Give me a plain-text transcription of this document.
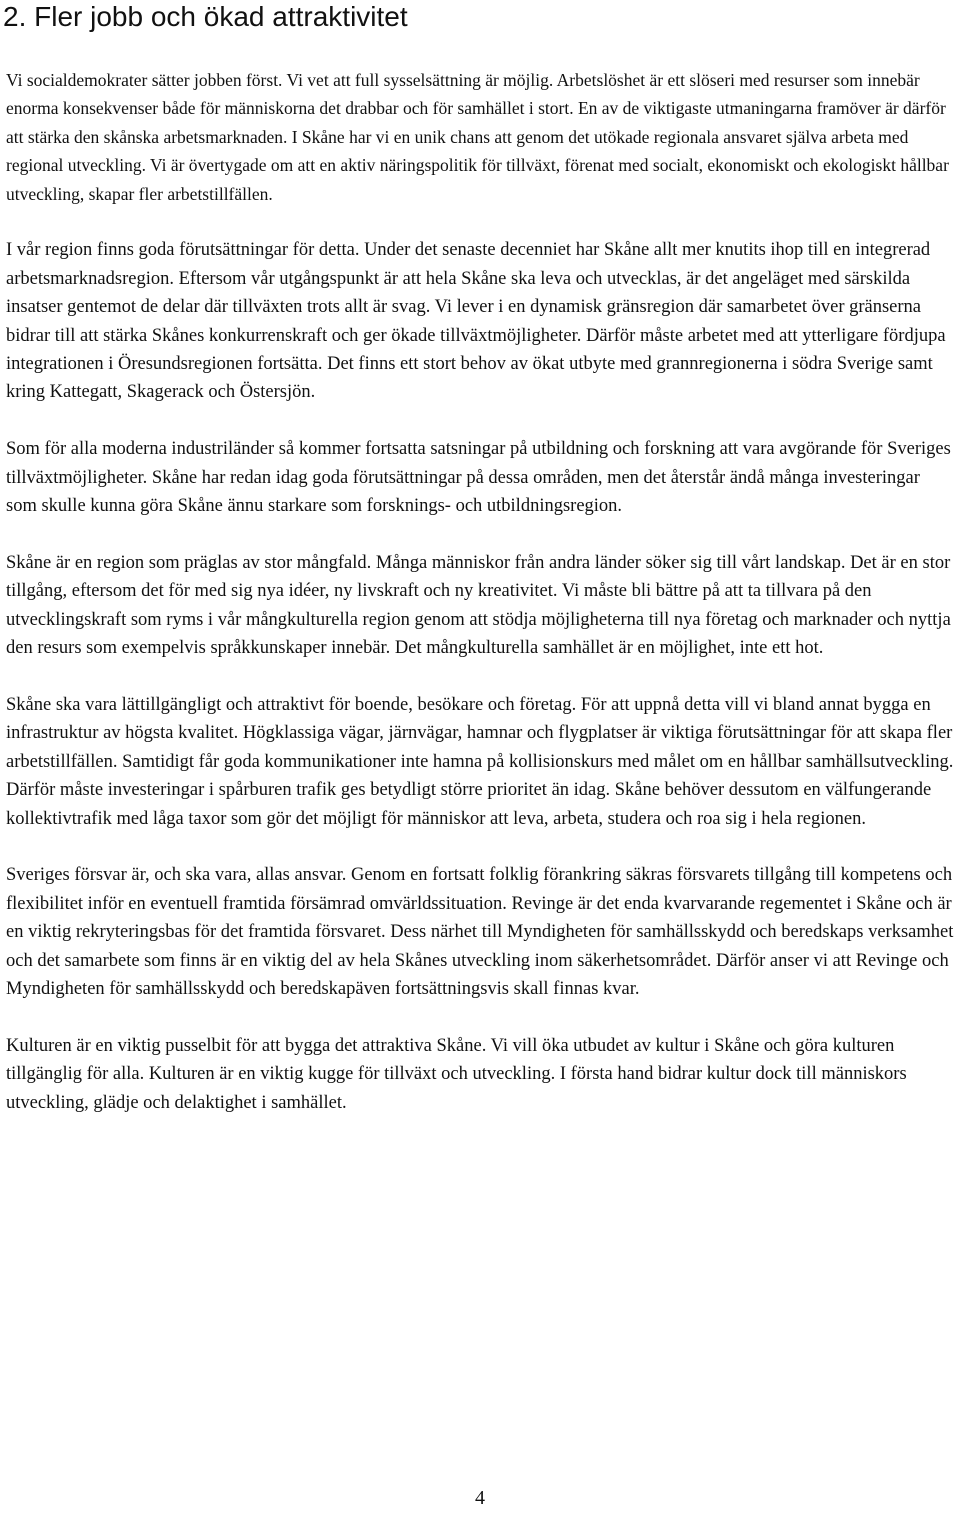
2. Fler jobb och ökad attraktivitet

Vi socialdemokrater sätter jobben först. Vi vet att full sysselsättning är möjlig. Arbetslöshet är ett slöseri med resurser som innebär enorma konsekvenser både för människorna det drabbar och för samhället i stort. En av de viktigaste utmaningarna framöver är därför att stärka den skånska arbetsmarknaden. I Skåne har vi en unik chans att genom det utökade regionala ansvaret själva arbeta med regional utveckling. Vi är övertygade om att en aktiv näringspolitik för tillväxt, förenat med socialt, ekonomiskt och ekologiskt hållbar utveckling, skapar fler arbetstillfällen.

I vår region finns goda förutsättningar för detta. Under det senaste decenniet har Skåne allt mer knutits ihop till en integrerad arbetsmarknadsregion. Eftersom vår utgångspunkt är att hela Skåne ska leva och utvecklas, är det angeläget med särskilda insatser gentemot de delar där tillväxten trots allt är svag. Vi lever i en dynamisk gränsregion där samarbetet över gränserna bidrar till att stärka Skånes konkurrenskraft och ger ökade tillväxtmöjligheter. Därför måste arbetet med att ytterligare fördjupa integrationen i Öresundsregionen fortsätta. Det finns ett stort behov av ökat utbyte med grannregionerna i södra Sverige samt kring Kattegatt, Skagerack och Östersjön.

Som för alla moderna industriländer så kommer fortsatta satsningar på utbildning och forskning att vara avgörande för Sveriges tillväxtmöjligheter. Skåne har redan idag goda förutsättningar på dessa områden, men det återstår ändå många investeringar som skulle kunna göra Skåne ännu starkare som forsknings- och utbildningsregion.

Skåne är en region som präglas av stor mångfald. Många människor från andra länder söker sig till vårt landskap. Det är en stor tillgång, eftersom det för med sig nya idéer, ny livskraft och ny kreativitet. Vi måste bli bättre på att ta tillvara på den utvecklingskraft som ryms i vår mångkulturella region genom att stödja möjligheterna till nya företag och marknader och nyttja den resurs som exempelvis språkkunskaper innebär. Det mångkulturella samhället är en möjlighet, inte ett hot.

Skåne ska vara lättillgängligt och attraktivt för boende, besökare och företag. För att uppnå detta vill vi bland annat bygga en infrastruktur av högsta kvalitet. Högklassiga vägar, järnvägar, hamnar och flygplatser är viktiga förutsättningar för att skapa fler arbetstillfällen. Samtidigt får goda kommunikationer inte hamna på kollisionskurs med målet om en hållbar samhällsutveckling. Därför måste investeringar i spårburen trafik ges betydligt större prioritet än idag. Skåne behöver dessutom en välfungerande kollektivtrafik med låga taxor som gör det möjligt för människor att leva, arbeta, studera och roa sig i hela regionen.

Sveriges försvar är, och ska vara, allas ansvar. Genom en fortsatt folklig förankring säkras försvarets tillgång till kompetens och flexibilitet inför en eventuell framtida försämrad omvärldssituation. Revinge är det enda kvarvarande regementet i Skåne och är en viktig rekryteringsbas för det framtida försvaret. Dess närhet till Myndigheten för samhällsskydd och beredskaps verksamhet och det samarbete som finns är en viktig del av hela Skånes utveckling inom säkerhetsområdet. Därför anser vi att Revinge och Myndigheten för samhällsskydd och beredskapäven fortsättningsvis skall finnas kvar.

Kulturen är en viktig pusselbit för att bygga det attraktiva Skåne. Vi vill öka utbudet av kultur i Skåne och göra kulturen tillgänglig för alla. Kulturen är en viktig kugge för tillväxt och utveckling. I första hand bidrar kultur dock till människors utveckling, glädje och delaktighet i samhället.

4
